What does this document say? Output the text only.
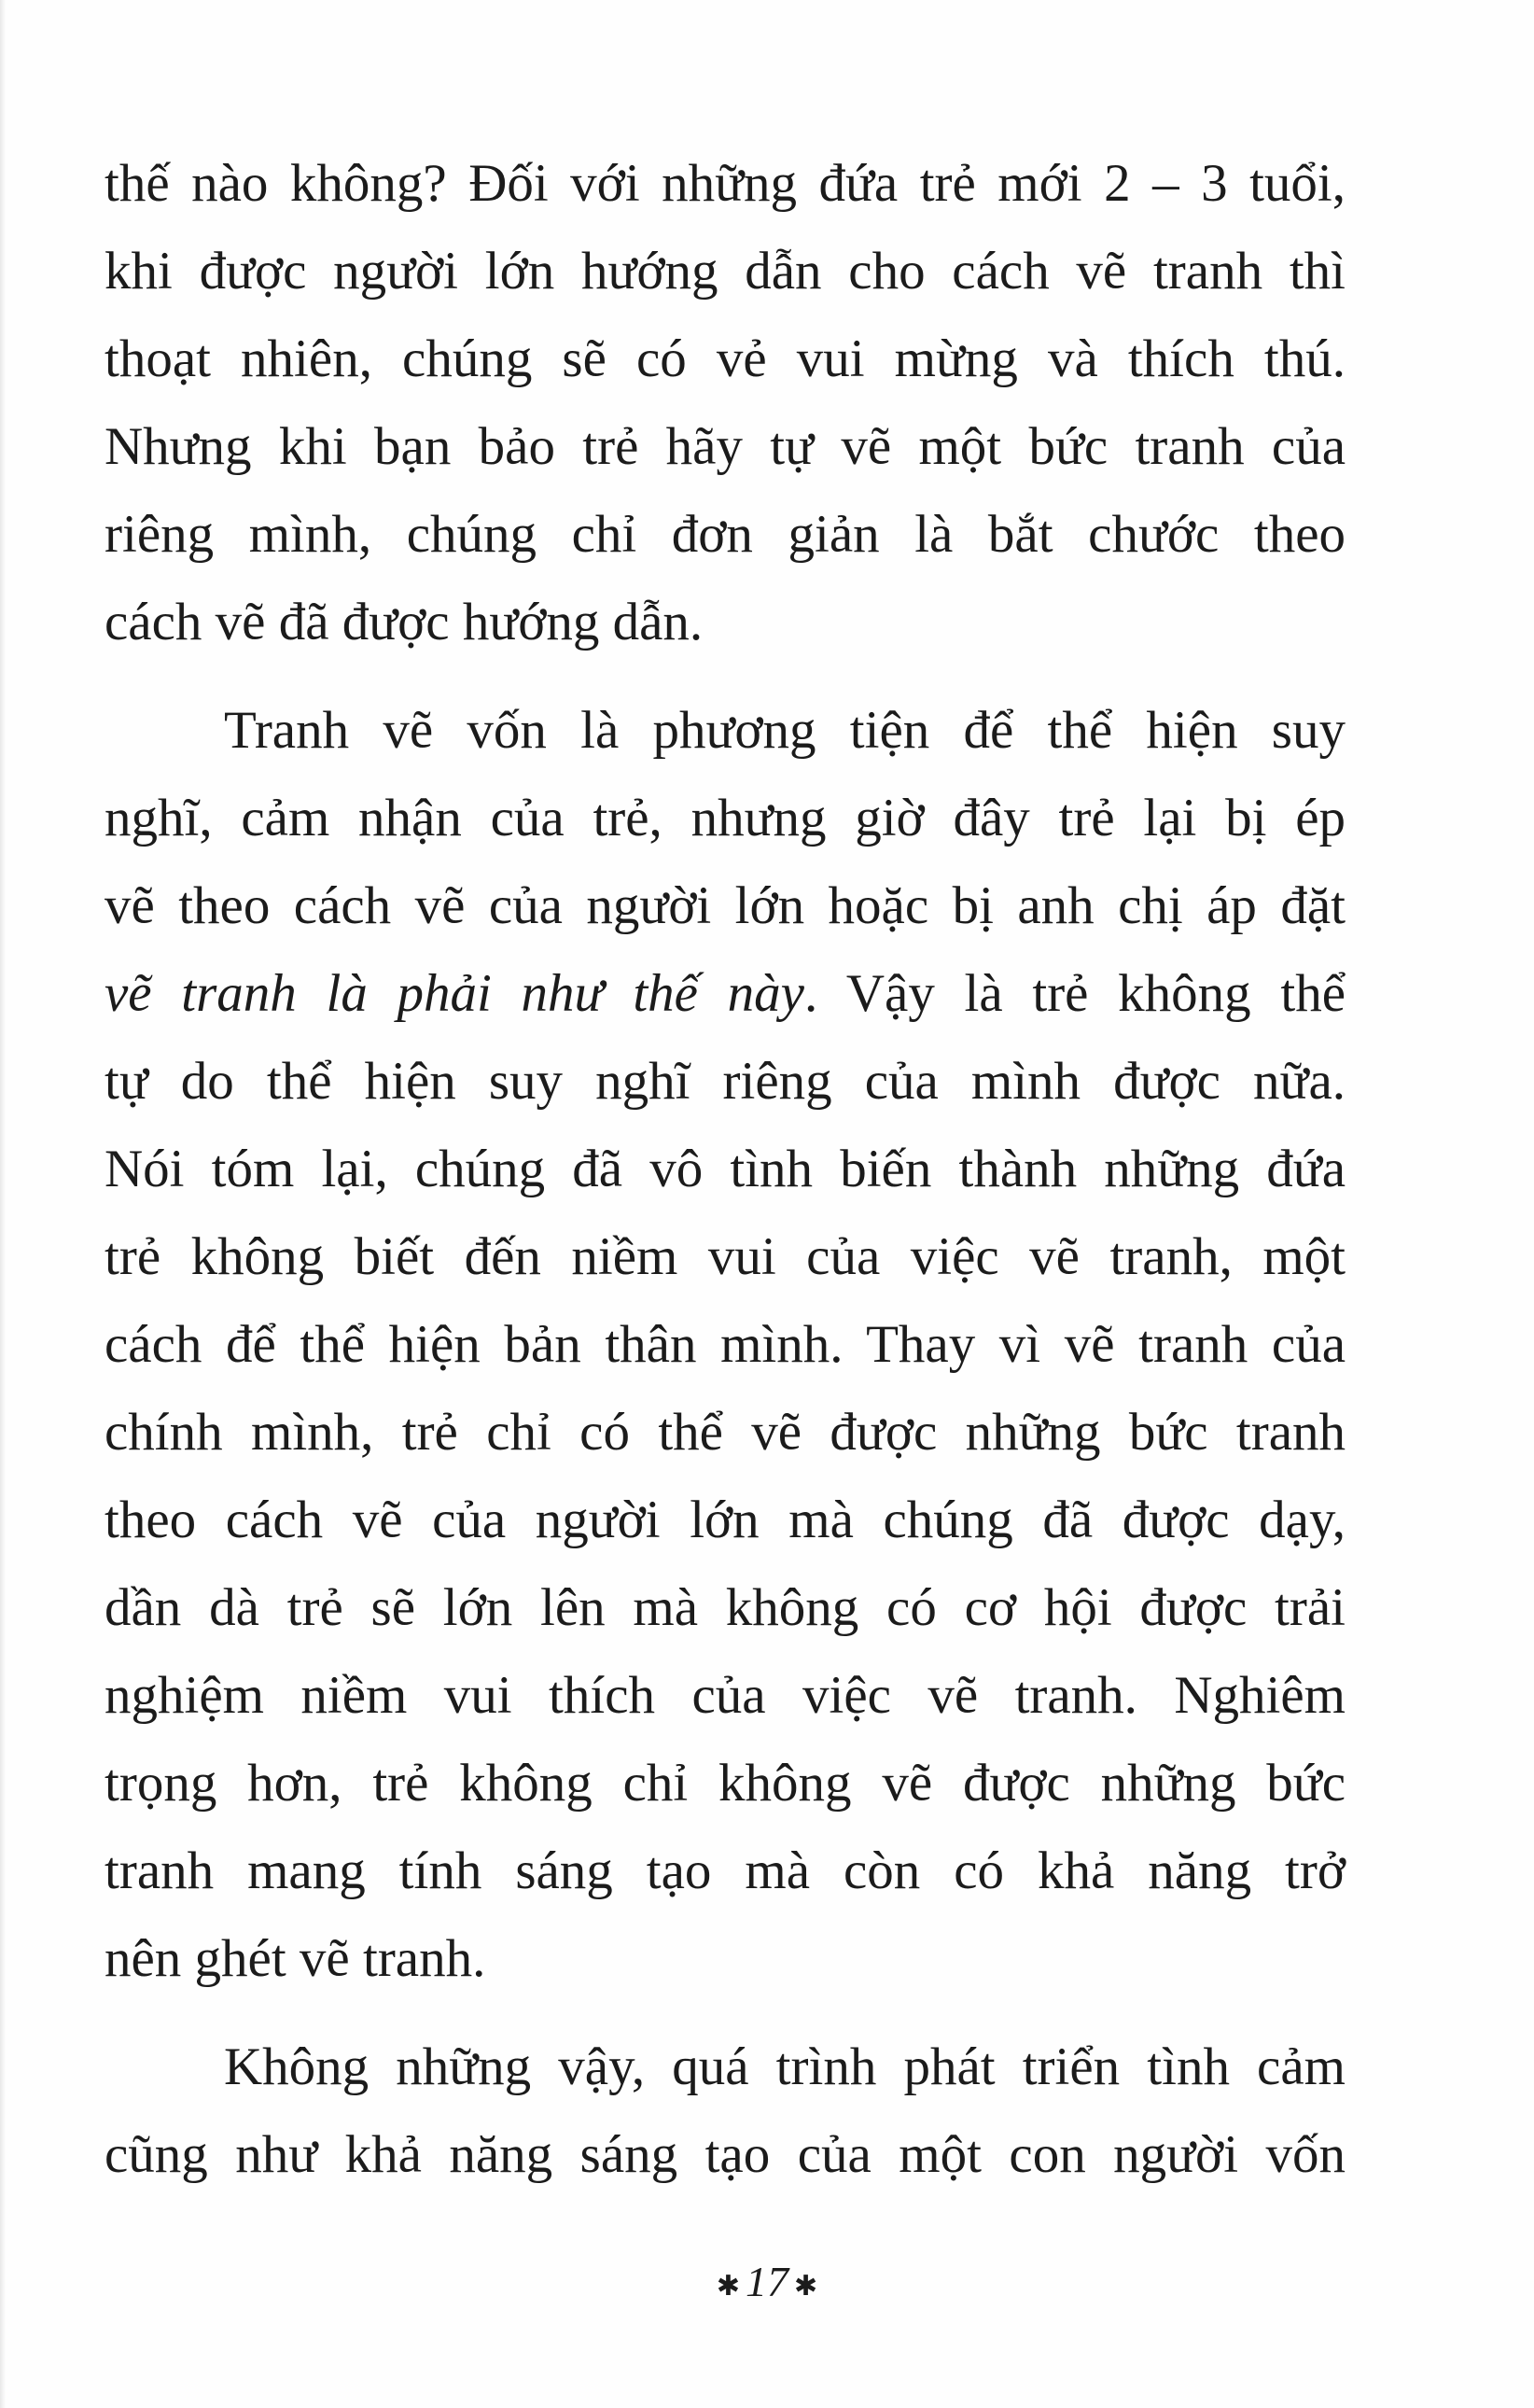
thế nào không? Đối với những đứa trẻ mới 2 – 3 tuổi,
khi được người lớn hướng dẫn cho cách vẽ tranh thì
thoạt nhiên, chúng sẽ có vẻ vui mừng và thích thú.
Nhưng khi bạn bảo trẻ hãy tự vẽ một bức tranh của
riêng mình, chúng chỉ đơn giản là bắt chước theo
cách vẽ đã được hướng dẫn.
Tranh vẽ vốn là phương tiện để thể hiện suy
nghĩ, cảm nhận của trẻ, nhưng giờ đây trẻ lại bị ép
vẽ theo cách vẽ của người lớn hoặc bị anh chị áp đặt
vẽ tranh là phải như thế này. Vậy là trẻ không thể
tự do thể hiện suy nghĩ riêng của mình được nữa.
Nói tóm lại, chúng đã vô tình biến thành những đứa
trẻ không biết đến niềm vui của việc vẽ tranh, một
cách để thể hiện bản thân mình. Thay vì vẽ tranh của
chính mình, trẻ chỉ có thể vẽ được những bức tranh
theo cách vẽ của người lớn mà chúng đã được dạy,
dần dà trẻ sẽ lớn lên mà không có cơ hội được trải
nghiệm niềm vui thích của việc vẽ tranh. Nghiêm
trọng hơn, trẻ không chỉ không vẽ được những bức
tranh mang tính sáng tạo mà còn có khả năng trở
nên ghét vẽ tranh.
Không những vậy, quá trình phát triển tình cảm
cũng như khả năng sáng tạo của một con người vốn
✱ 17 ✱
